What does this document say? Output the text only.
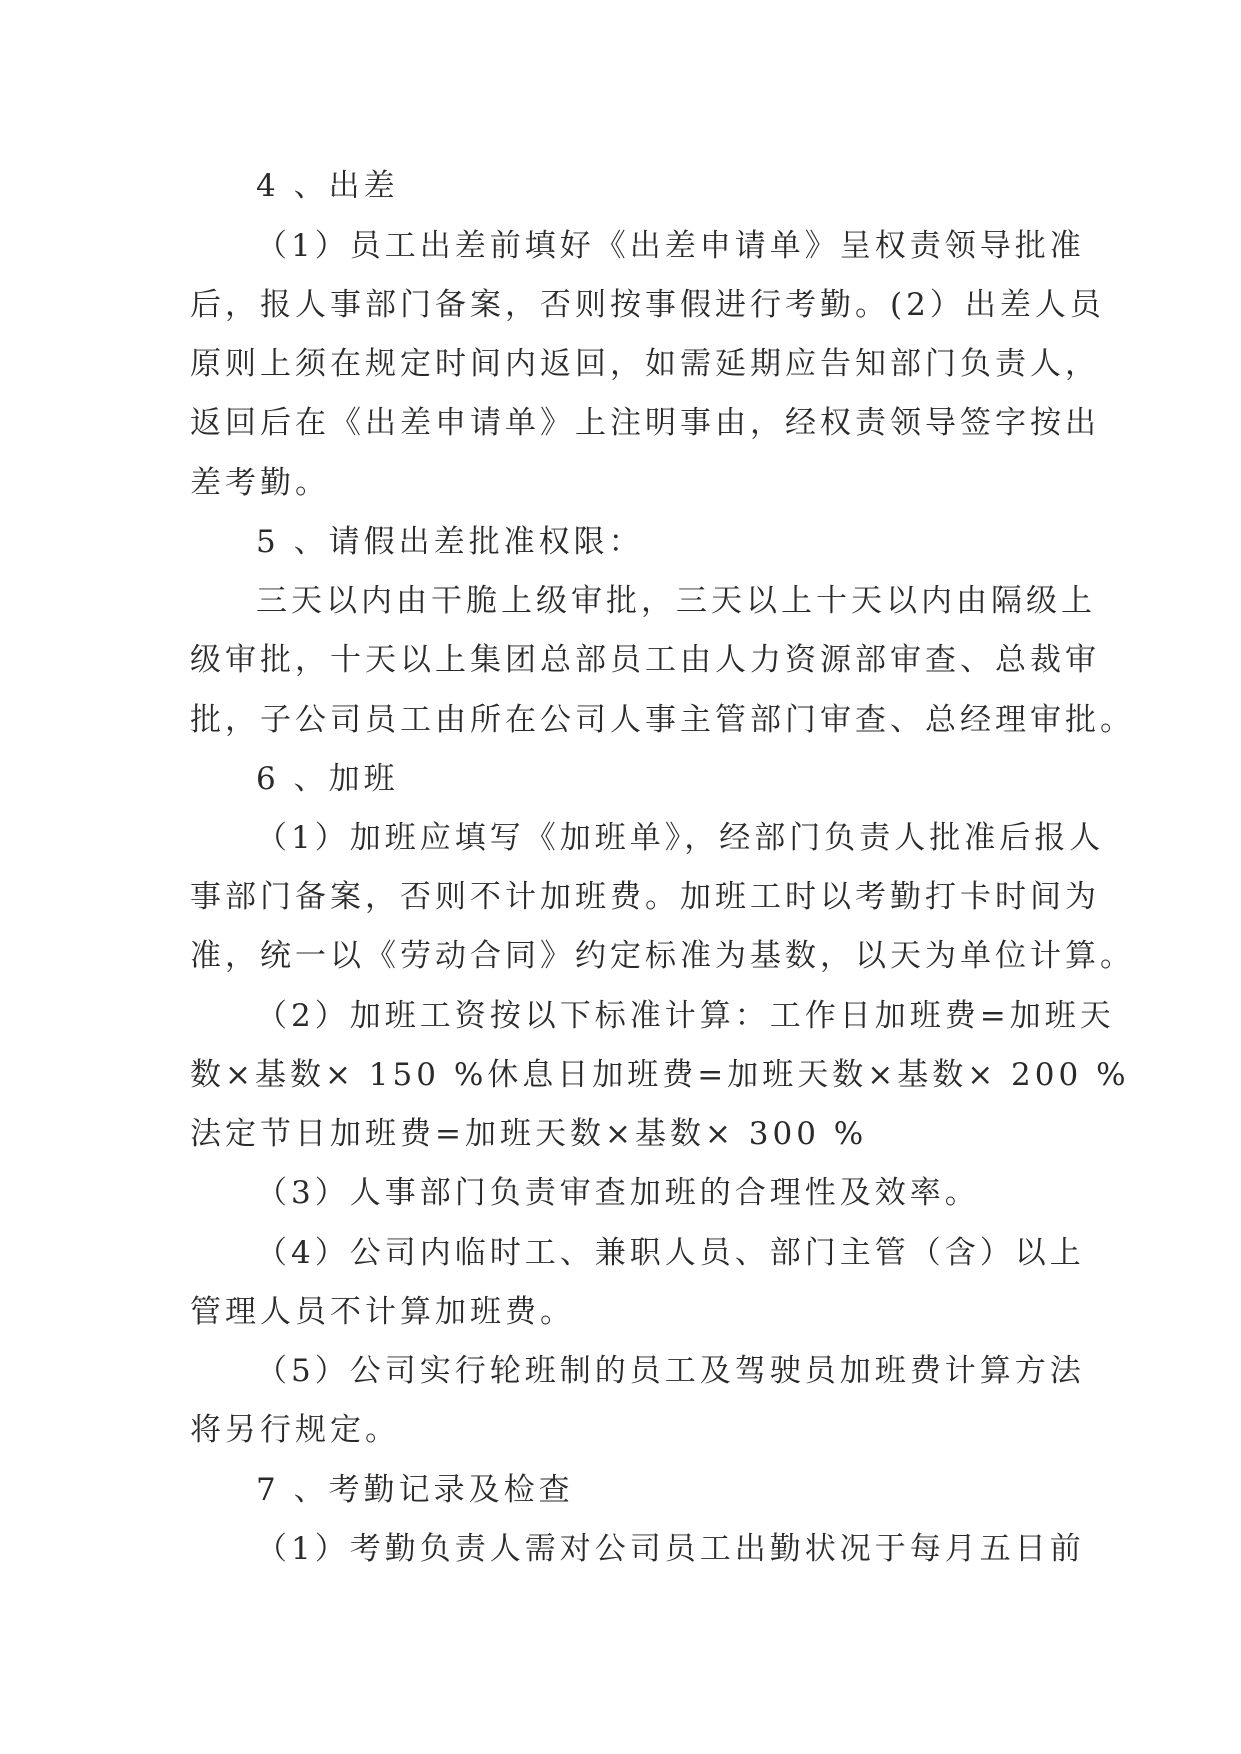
4 、出差
（1）员工出差前填好《出差申请单》呈权责领导批准
后，报人事部门备案，否则按事假进行考勤。(2）出差人员
原则上须在规定时间内返回，如需延期应告知部门负责人，
返回后在《出差申请单》上注明事由，经权责领导签字按出
差考勤。
5 、请假出差批准权限：
三天以内由干脆上级审批，三天以上十天以内由隔级上
级审批，十天以上集团总部员工由人力资源部审查、总裁审
批，子公司员工由所在公司人事主管部门审查、总经理审批。
6 、加班
（1）加班应填写《加班单》，经部门负责人批准后报人
事部门备案，否则不计加班费。加班工时以考勤打卡时间为
准，统一以《劳动合同》约定标准为基数，以天为单位计算。
（2）加班工资按以下标准计算：工作日加班费=加班天
数×基数× 150 %休息日加班费=加班天数×基数× 200 %
法定节日加班费=加班天数×基数× 300 %
（3）人事部门负责审查加班的合理性及效率。
（4）公司内临时工、兼职人员、部门主管（含）以上
管理人员不计算加班费。
（5）公司实行轮班制的员工及驾驶员加班费计算方法
将另行规定。
7 、考勤记录及检查
（1）考勤负责人需对公司员工出勤状况于每月五日前
